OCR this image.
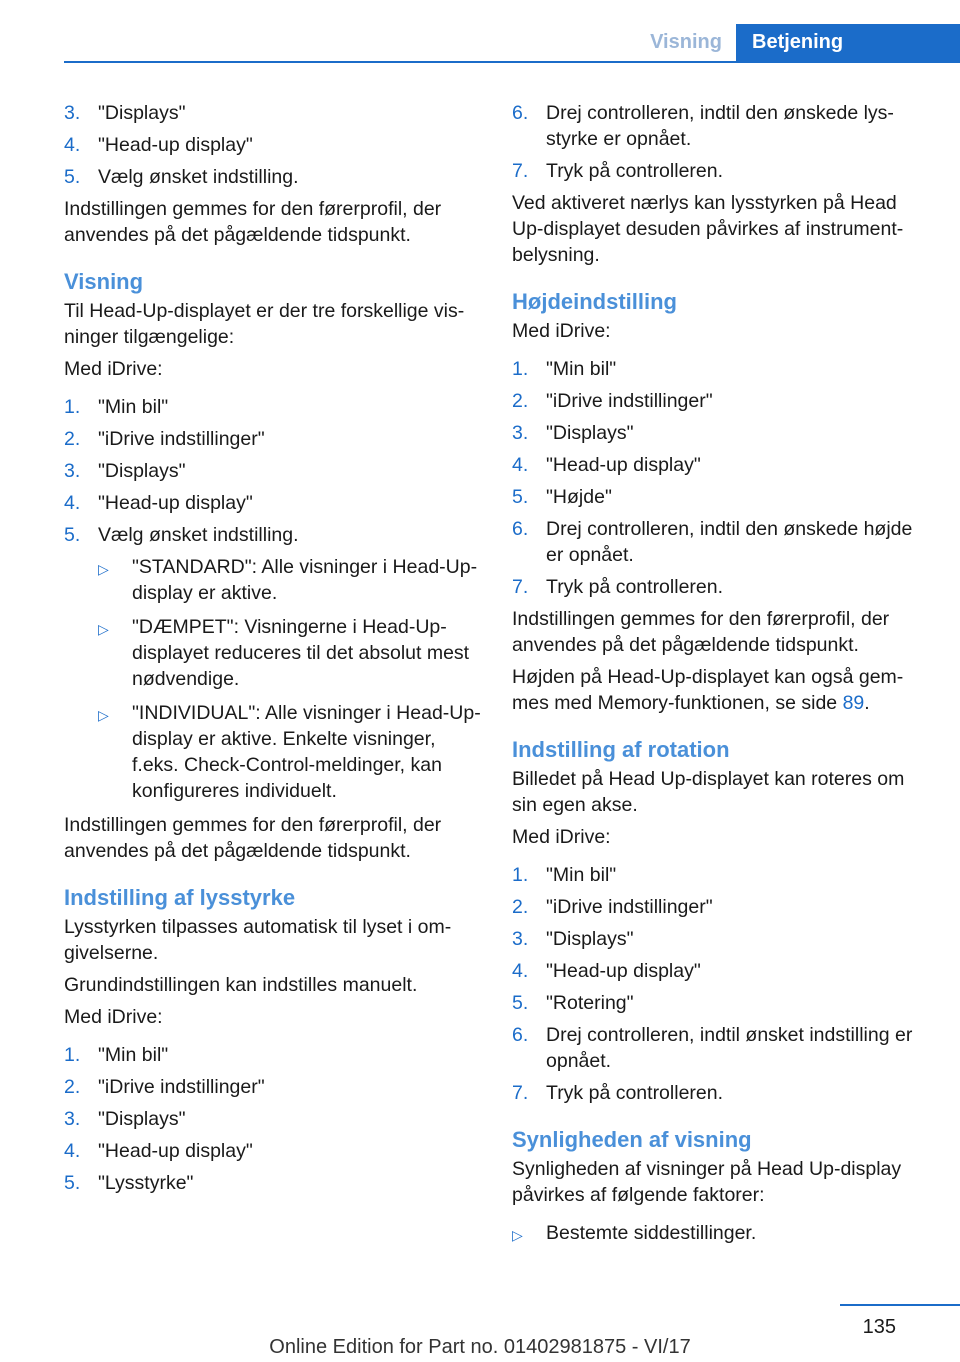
Visning	Betjening
3. "Displays"
4. "Head-up display"
5. Vælg ønsket indstilling.

Indstillingen gemmes for den førerprofil, der anvendes på det pågældende tidspunkt.

Visning

Til Head-Up-displayet er der tre forskellige visninger tilgængelige:

Med iDrive:

1. "Min bil"
2. "iDrive indstillinger"
3. "Displays"
4. "Head-up display"
5. Vælg ønsket indstilling.
▷	"STANDARD": Alle visninger i Head-Up-display er aktive.
▷	"DÆMPET": Visningerne i Head-Up-displayet reduceres til det absolut mest nødvendige.
▷	"INDIVIDUAL": Alle visninger i Head-Up-display er aktive. Enkelte visninger, f.eks. Check-Control-meldinger, kan konfigureres individuelt.

Indstillingen gemmes for den førerprofil, der anvendes på det pågældende tidspunkt.

Indstilling af lysstyrke

Lysstyrken tilpasses automatisk til lyset i omgivelserne.

Grundindstillingen kan indstilles manuelt.

Med iDrive:

1. "Min bil"
2. "iDrive indstillinger"
3. "Displays"
4. "Head-up display"
5. "Lysstyrke"
6. Drej controlleren, indtil den ønskede lysstyrke er opnået.
7. Tryk på controlleren.

Ved aktiveret nærlys kan lysstyrken på Head Up-displayet desuden påvirkes af instrumentbelysning.

Højdeindstilling

Med iDrive:

1. "Min bil"
2. "iDrive indstillinger"
3. "Displays"
4. "Head-up display"
5. "Højde"
6. Drej controlleren, indtil den ønskede højde er opnået.
7. Tryk på controlleren.

Indstillingen gemmes for den førerprofil, der anvendes på det pågældende tidspunkt.

Højden på Head-Up-displayet kan også gemmes med Memory-funktionen, se side 89.

Indstilling af rotation

Billedet på Head Up-displayet kan roteres om sin egen akse.

Med iDrive:

1. "Min bil"
2. "iDrive indstillinger"
3. "Displays"
4. "Head-up display"
5. "Rotering"
6. Drej controlleren, indtil ønsket indstilling er opnået.
7. Tryk på controlleren.
Synligheden af visning

Synligheden af visninger på Head Up-display påvirkes af følgende faktorer:

▷	Bestemte siddestillinger.
135
Online Edition for Part no. 01402981875 - VI/17
